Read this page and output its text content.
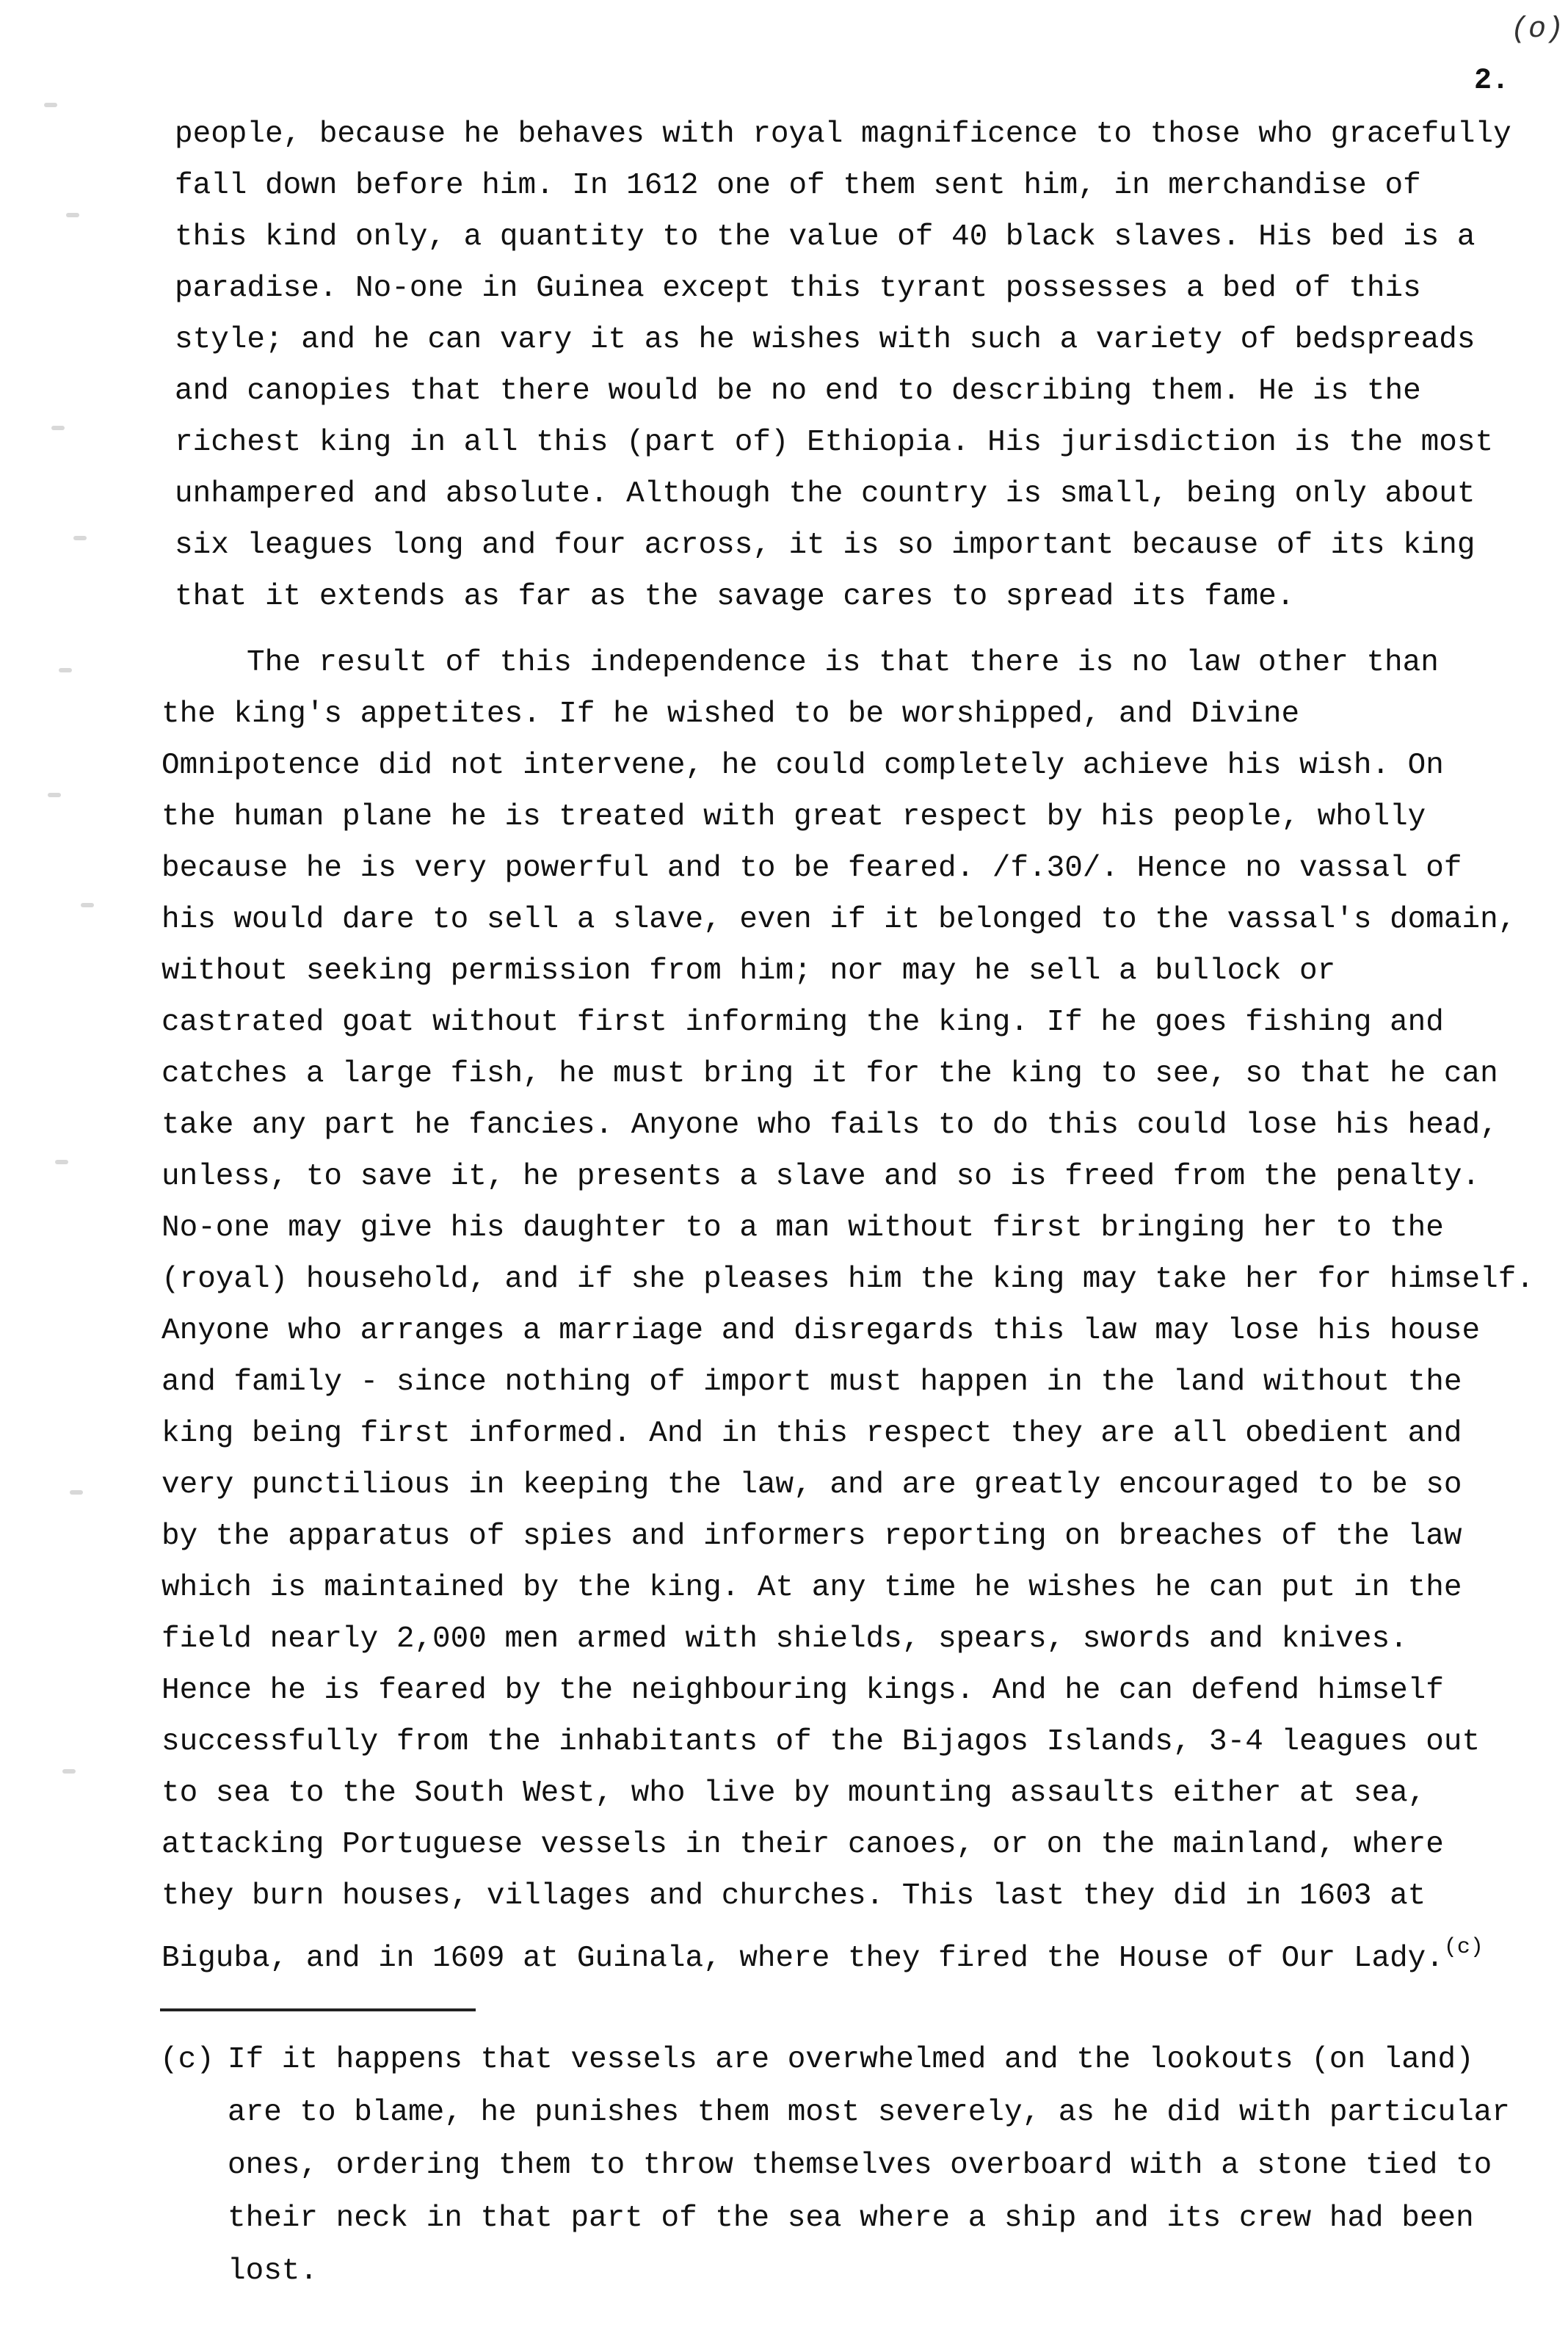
(o)
2.
people, because he behaves with royal magnificence to those who gracefully
fall down before him. In 1612 one of them sent him, in merchandise of
this kind only, a quantity to the value of 40 black slaves. His bed is a
paradise. No-one in Guinea except this tyrant possesses a bed of this
style; and he can vary it as he wishes with such a variety of bedspreads
and canopies that there would be no end to describing them. He is the
richest king in all this (part of) Ethiopia. His jurisdiction is the most
unhampered and absolute. Although the country is small, being only about
six leagues long and four across, it is so important because of its king
that it extends as far as the savage cares to spread its fame.
The result of this independence is that there is no law other than
the king's appetites. If he wished to be worshipped, and Divine
Omnipotence did not intervene, he could completely achieve his wish. On
the human plane he is treated with great respect by his people, wholly
because he is very powerful and to be feared. /f.30/. Hence no vassal of
his would dare to sell a slave, even if it belonged to the vassal's domain,
without seeking permission from him; nor may he sell a bullock or
castrated goat without first informing the king. If he goes fishing and
catches a large fish, he must bring it for the king to see, so that he can
take any part he fancies. Anyone who fails to do this could lose his head,
unless, to save it, he presents a slave and so is freed from the penalty.
No-one may give his daughter to a man without first bringing her to the
(royal) household, and if she pleases him the king may take her for himself.
Anyone who arranges a marriage and disregards this law may lose his house
and family - since nothing of import must happen in the land without the
king being first informed. And in this respect they are all obedient and
very punctilious in keeping the law, and are greatly encouraged to be so
by the apparatus of spies and informers reporting on breaches of the law
which is maintained by the king. At any time he wishes he can put in the
field nearly 2,000 men armed with shields, spears, swords and knives.
Hence he is feared by the neighbouring kings. And he can defend himself
successfully from the inhabitants of the Bijagos Islands, 3-4 leagues out
to sea to the South West, who live by mounting assaults either at sea,
attacking Portuguese vessels in their canoes, or on the mainland, where
they burn houses, villages and churches. This last they did in 1603 at
Biguba, and in 1609 at Guinala, where they fired the House of Our Lady.$^{(c)}$
(c) If it happens that vessels are overwhelmed and the lookouts (on land)
are to blame, he punishes them most severely, as he did with particular
ones, ordering them to throw themselves overboard with a stone tied to
their neck in that part of the sea where a ship and its crew had been
lost.
